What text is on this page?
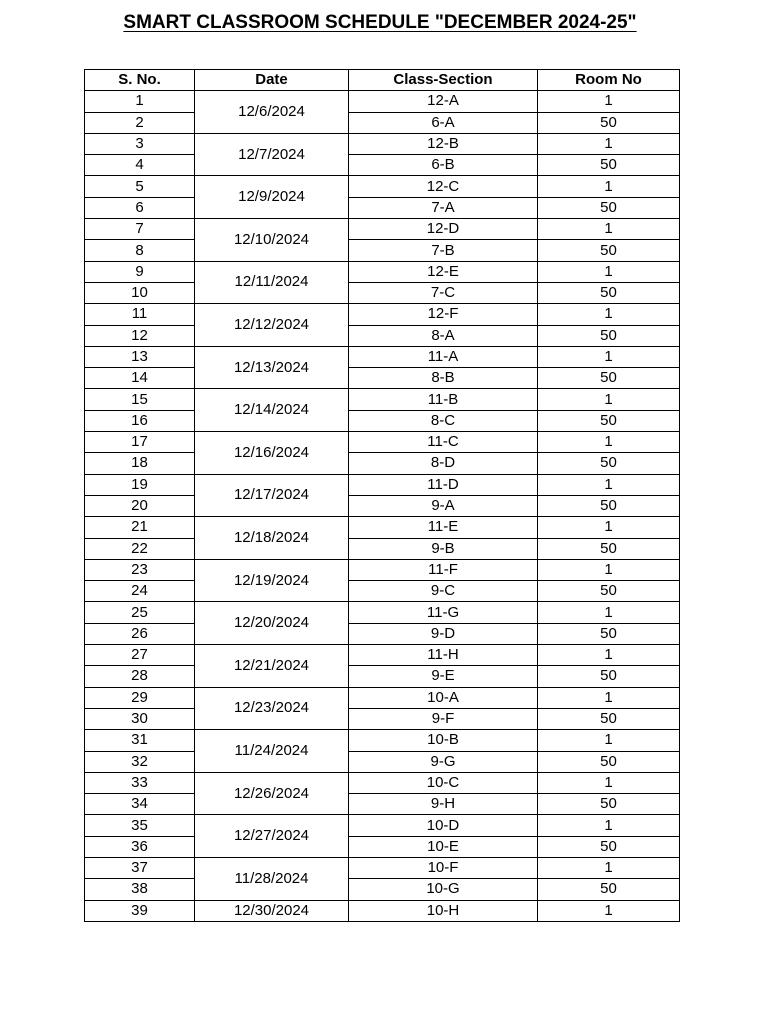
SMART CLASSROOM SCHEDULE "DECEMBER 2024-25"
S. No.	Date	Class-Section	Room No
1	12/6/2024	12-A	1
2		6-A	50
3	12/7/2024	12-B	1
4		6-B	50
5	12/9/2024	12-C	1
6		7-A	50
7	12/10/2024	12-D	1
8		7-B	50
9	12/11/2024	12-E	1
10		7-C	50
11	12/12/2024	12-F	1
12		8-A	50
13	12/13/2024	11-A	1
14		8-B	50
15	12/14/2024	11-B	1
16		8-C	50
17	12/16/2024	11-C	1
18		8-D	50
19	12/17/2024	11-D	1
20		9-A	50
21	12/18/2024	11-E	1
22		9-B	50
23	12/19/2024	11-F	1
24		9-C	50
25	12/20/2024	11-G	1
26		9-D	50
27	12/21/2024	11-H	1
28		9-E	50
29	12/23/2024	10-A	1
30		9-F	50
31	11/24/2024	10-B	1
32		9-G	50
33	12/26/2024	10-C	1
34		9-H	50
35	12/27/2024	10-D	1
36		10-E	50
37	11/28/2024	10-F	1
38		10-G	50
39	12/30/2024	10-H	1
